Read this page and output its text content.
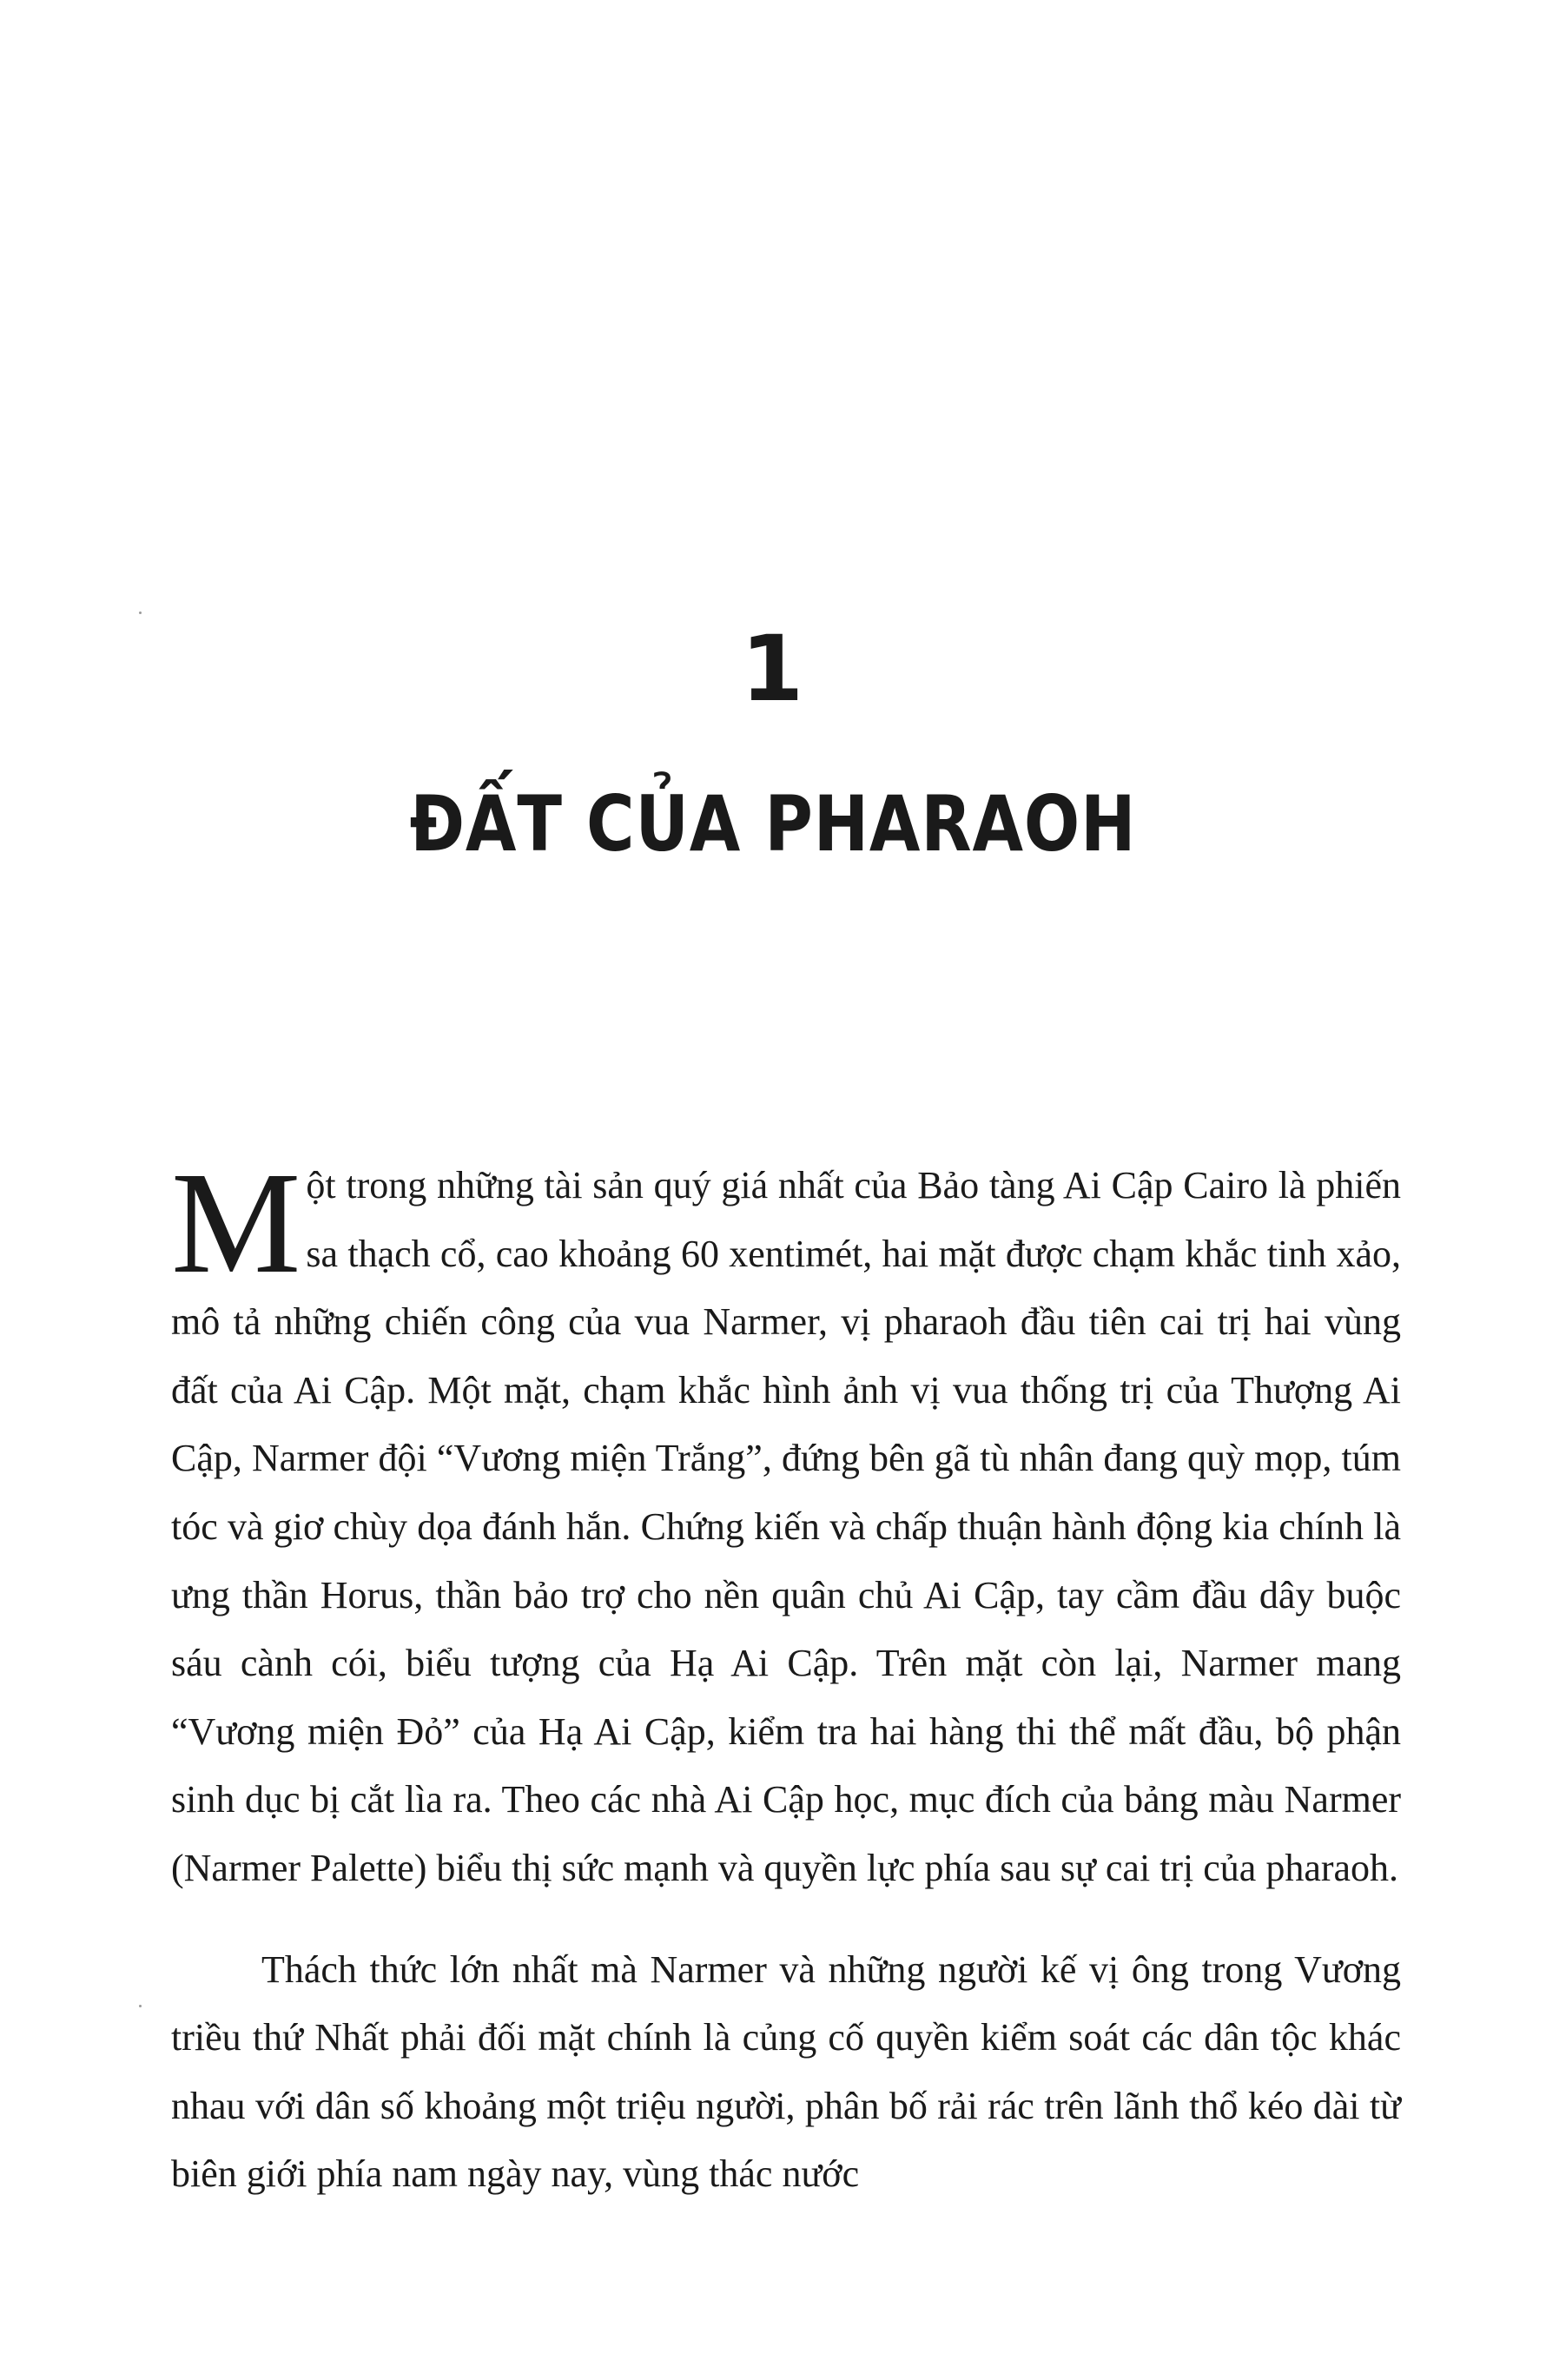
1
ĐẤT CỦA PHARAOH

Một trong những tài sản quý giá nhất của Bảo tàng Ai Cập Cairo là phiến sa thạch cổ, cao khoảng 60 xentimét, hai mặt được chạm khắc tinh xảo, mô tả những chiến công của vua Narmer, vị pharaoh đầu tiên cai trị hai vùng đất của Ai Cập. Một mặt, chạm khắc hình ảnh vị vua thống trị của Thượng Ai Cập, Narmer đội “Vương miện Trắng”, đứng bên gã tù nhân đang quỳ mọp, túm tóc và giơ chùy dọa đánh hắn. Chứng kiến và chấp thuận hành động kia chính là ưng thần Horus, thần bảo trợ cho nền quân chủ Ai Cập, tay cầm đầu dây buộc sáu cành cói, biểu tượng của Hạ Ai Cập. Trên mặt còn lại, Narmer mang “Vương miện Đỏ” của Hạ Ai Cập, kiểm tra hai hàng thi thể mất đầu, bộ phận sinh dục bị cắt lìa ra. Theo các nhà Ai Cập học, mục đích của bảng màu Narmer (Narmer Palette) biểu thị sức mạnh và quyền lực phía sau sự cai trị của pharaoh.

Thách thức lớn nhất mà Narmer và những người kế vị ông trong Vương triều thứ Nhất phải đối mặt chính là củng cố quyền kiểm soát các dân tộc khác nhau với dân số khoảng một triệu người, phân bố rải rác trên lãnh thổ kéo dài từ biên giới phía nam ngày nay, vùng thác nước
